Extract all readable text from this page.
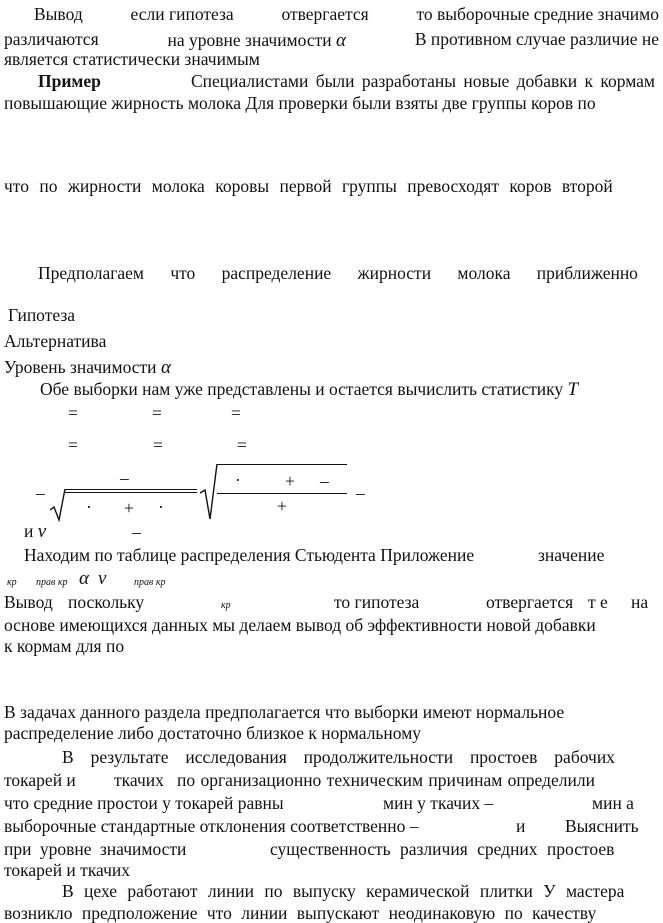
Вывод	если гипотеза	отвергается	то выборочные средние значимо
различаются	на уровне значимости α	В противном случае различие не
является статистически значимым
Пример	Специалистами были разработаны новые добавки к кормам
повышающие жирность молока Для проверки были взяты две группы коров по
что по жирности молока коровы первой группы превосходят коров второй
Предполагаем что распределение жирности молока приближенно
Гипотеза
Альтернатива
Уровень значимости α
Обе выборки нам уже представлены и остается вычислить статистику T
=	=	=
=	=	=
–
–
· + ·
·	+ –
+
–
и ν	–
Находим по таблице распределения Стьюдента Приложение	значение
кр прав кр α ν	прав кр
Вывод поскольку	кр	то гипотеза	отвергается т е на
основе имеющихся данных мы делаем вывод об эффективности новой добавки
к кормам для по
В задачах данного раздела предполагается что выборки имеют нормальное
распределение либо достаточно близкое к нормальному
В результате исследования продолжительности простоев рабочих
токарей и ткачих по организационно техническим причинам определили
что средние простои у токарей равны	мин у ткачих –	мин а
выборочные стандартные отклонения соответственно –	и Выяснить
при уровне значимости	существенность различия средних простоев
токарей и ткачих
В цехе работают линии по выпуску керамической плитки У мастера
возникло предположение что линии выпускают неодинаковую по качеству
